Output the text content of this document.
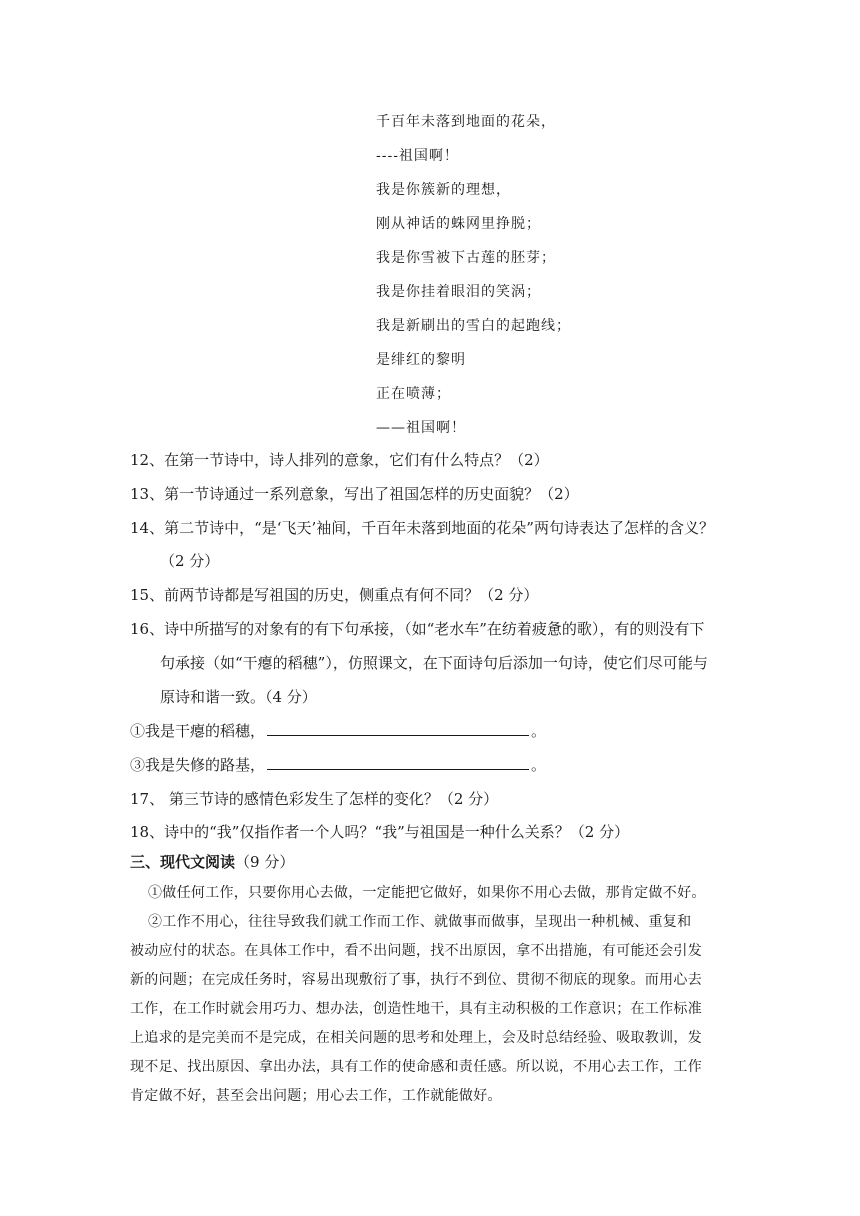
千百年未落到地面的花朵，
----祖国啊！
我是你簇新的理想，
刚从神话的蛛网里挣脱；
我是你雪被下古莲的胚芽；
我是你挂着眼泪的笑涡；
我是新刷出的雪白的起跑线；
是绯红的黎明
正在喷薄；
——祖国啊！
12、在第一节诗中，诗人排列的意象，它们有什么特点？（2）
13、第一节诗通过一系列意象，写出了祖国怎样的历史面貌？（2）
14、第二节诗中，“是‘飞天’袖间，千百年未落到地面的花朵”两句诗表达了怎样的含义？
（2 分）
15、前两节诗都是写祖国的历史，侧重点有何不同？（2 分）
16、诗中所描写的对象有的有下句承接，（如“老水车”在纺着疲惫的歌），有的则没有下
句承接（如“干瘪的稻穗”），仿照课文，在下面诗句后添加一句诗，使它们尽可能与
原诗和谐一致。（4 分）
①我是干瘪的稻穗，	。
③我是失修的路基，	。
17、 第三节诗的感情色彩发生了怎样的变化？（2 分）
18、诗中的“我”仅指作者一个人吗？“我”与祖国是一种什么关系？（2 分）
三、现代文阅读（9 分）
①做任何工作，只要你用心去做，一定能把它做好，如果你不用心去做，那肯定做不好。
②工作不用心，往往导致我们就工作而工作、就做事而做事，呈现出一种机械、重复和
被动应付的状态。在具体工作中，看不出问题，找不出原因，拿不出措施，有可能还会引发
新的问题；在完成任务时，容易出现敷衍了事，执行不到位、贯彻不彻底的现象。而用心去
工作，在工作时就会用巧力、想办法，创造性地干，具有主动积极的工作意识；在工作标准
上追求的是完美而不是完成，在相关问题的思考和处理上，会及时总结经验、吸取教训，发
现不足、找出原因、拿出办法，具有工作的使命感和责任感。所以说，不用心去工作，工作
肯定做不好，甚至会出问题；用心去工作，工作就能做好。
